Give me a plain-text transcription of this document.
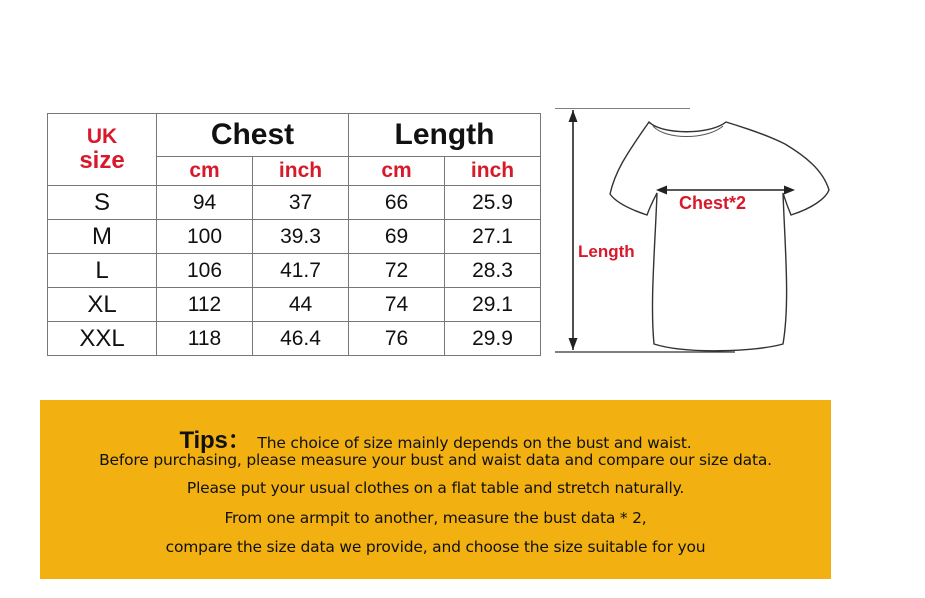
UK
size	Chest		Length	
	cm	inch	cm	inch
S	94	37	66	25.9
M	100	39.3	69	27.1
L	106	41.7	72	28.3
XL	112	44	74	29.1
XXL	118	46.4	76	29.9
Chest*2
Length
Tips： The choice of size mainly depends on the bust and waist.
Before purchasing, please measure your bust and waist data and compare our size data.
Please put your usual clothes on a flat table and stretch naturally.
From one armpit to another, measure the bust data * 2,
compare the size data we provide, and choose the size suitable for you
